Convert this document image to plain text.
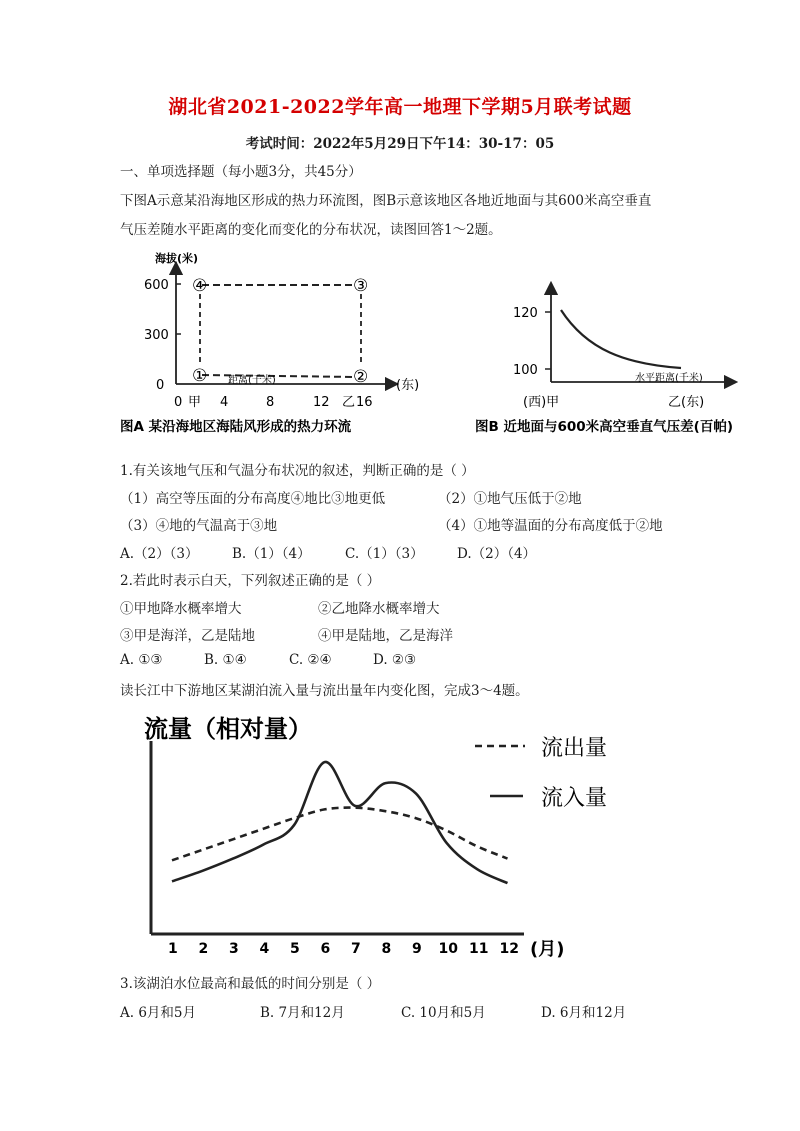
湖北省2021-2022学年高一地理下学期5月联考试题
考试时间：2022年5月29日下午14：30-17：05
一、单项选择题（每小题3分，共45分）
下图A示意某沿海地区形成的热力环流图，图B示意该地区各地近地面与其600米高空垂直
气压差随水平距离的变化而变化的分布状况，读图回答1～2题。
海拔(米)
600
300
0
④	③
①	②
距离(千米)	(东)
0 甲 4	8	12 乙 16
图A 某沿海地区海陆风形成的热力环流
120
100
水平距离(千米)
(西)甲	乙(东)
图B 近地面与600米高空垂直气压差(百帕)
1.有关该地气压和气温分布状况的叙述，判断正确的是（ ）
（1）高空等压面的分布高度④地比③地更低	（2）①地气压低于②地
（3）④地的气温高于③地	（4）①地等温面的分布高度低于②地
A.（2）（3） B.（1）（4）	C.（1）（3） D.（2）（4）
2.若此时表示白天，下列叙述正确的是（ ）
①甲地降水概率增大	②乙地降水概率增大
③甲是海洋，乙是陆地	④甲是陆地，乙是海洋
A. ①③	B. ①④	C. ②④	D. ②③
读长江中下游地区某湖泊流入量与流出量年内变化图，完成3～4题。
流量（相对量）
1 2 3 4 5 6 7 8 9 10 11 12 (月)
流出量
流入量
3.该湖泊水位最高和最低的时间分别是（ ）
A. 6月和5月	B. 7月和12月	C. 10月和5月	D. 6月和12月
